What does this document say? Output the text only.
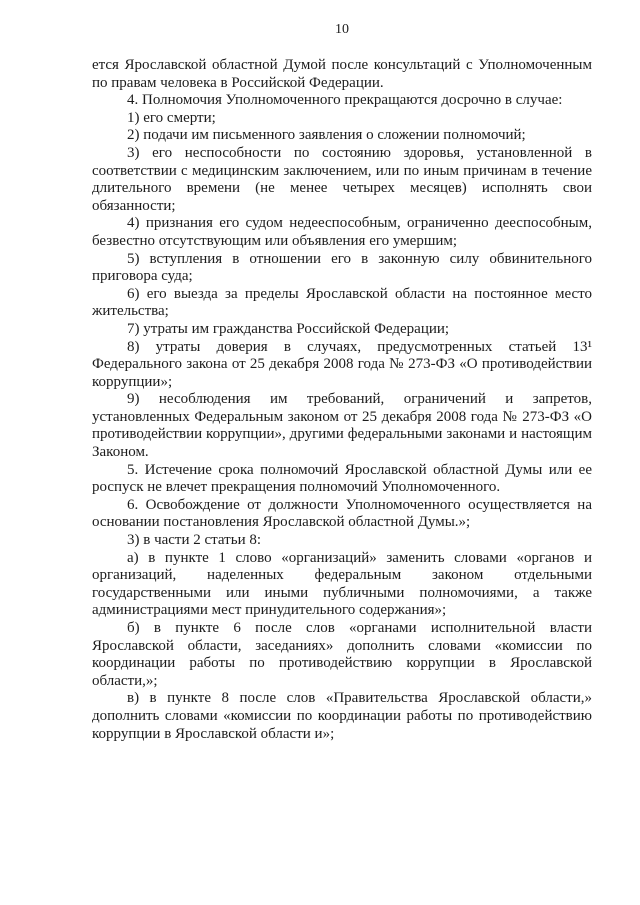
10

ется Ярославской областной Думой после консультаций с Уполномоченным по правам человека в Российской Федерации.

4. Полномочия Уполномоченного прекращаются досрочно в случае:

1) его смерти;

2) подачи им письменного заявления о сложении полномочий;

3) его неспособности по состоянию здоровья, установленной в соответствии с медицинским заключением, или по иным причинам в течение длительного времени (не менее четырех месяцев) исполнять свои обязанности;

4) признания его судом недееспособным, ограниченно дееспособным, безвестно отсутствующим или объявления его умершим;

5) вступления в отношении его в законную силу обвинительного приговора суда;

6) его выезда за пределы Ярославской области на постоянное место жительства;

7) утраты им гражданства Российской Федерации;

8) утраты доверия в случаях, предусмотренных статьей 13¹ Федерального закона от 25 декабря 2008 года № 273-ФЗ «О противодействии коррупции»;

9) несоблюдения им требований, ограничений и запретов, установленных Федеральным законом от 25 декабря 2008 года № 273-ФЗ «О противодействии коррупции», другими федеральными законами и настоящим Законом.

5. Истечение срока полномочий Ярославской областной Думы или ее роспуск не влечет прекращения полномочий Уполномоченного.

6. Освобождение от должности Уполномоченного осуществляется на основании постановления Ярославской областной Думы.»;

3) в части 2 статьи 8:

а) в пункте 1 слово «организаций» заменить словами «органов и организаций, наделенных федеральным законом отдельными государственными или иными публичными полномочиями, а также администрациями мест принудительного содержания»;

б) в пункте 6 после слов «органами исполнительной власти Ярославской области, заседаниях» дополнить словами «комиссии по координации работы по противодействию коррупции в Ярославской области,»;

в) в пункте 8 после слов «Правительства Ярославской области,» дополнить словами «комиссии по координации работы по противодействию коррупции в Ярославской области и»;
